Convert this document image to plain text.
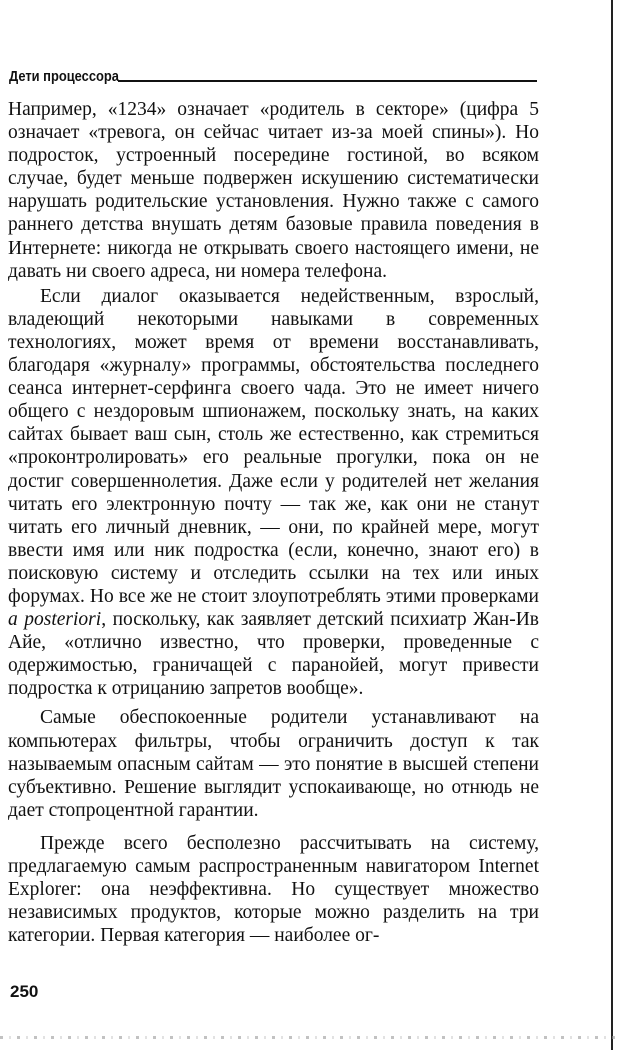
Дети процессора

Например, «1234» означает «родитель в секторе» (цифра 5 означает «тревога, он сейчас читает из-за моей спины»). Но подросток, устроенный посередине гостиной, во всяком случае, будет меньше подвержен искушению систематически нарушать родительские установления. Нужно также с самого раннего детства внушать детям базовые правила поведения в Интернете: никогда не открывать своего настоящего имени, не давать ни своего адреса, ни номера телефона.

Если диалог оказывается недейственным, взрослый, владеющий некоторыми навыками в современных технологиях, может время от времени восстанавливать, благодаря «журналу» программы, обстоятельства последнего сеанса интернет-серфинга своего чада. Это не имеет ничего общего с нездоровым шпионажем, поскольку знать, на каких сайтах бывает ваш сын, столь же естественно, как стремиться «проконтролировать» его реальные прогулки, пока он не достиг совершеннолетия. Даже если у родителей нет желания читать его электронную почту — так же, как они не станут читать его личный дневник, — они, по крайней мере, могут ввести имя или ник подростка (если, конечно, знают его) в поисковую систему и отследить ссылки на тех или иных форумах. Но все же не стоит злоупотреблять этими проверками a posteriori, поскольку, как заявляет детский психиатр Жан-Ив Айе, «отлично известно, что проверки, проведенные с одержимостью, граничащей с паранойей, могут привести подростка к отрицанию запретов вообще».

Самые обеспокоенные родители устанавливают на компьютерах фильтры, чтобы ограничить доступ к так называемым опасным сайтам — это понятие в высшей степени субъективно. Решение выглядит успокаивающе, но отнюдь не дает стопроцентной гарантии.

Прежде всего бесполезно рассчитывать на систему, предлагаемую самым распространенным навигатором Internet Explorer: она неэффективна. Но существует множество независимых продуктов, которые можно разделить на три категории. Первая категория — наиболее ог-

250
